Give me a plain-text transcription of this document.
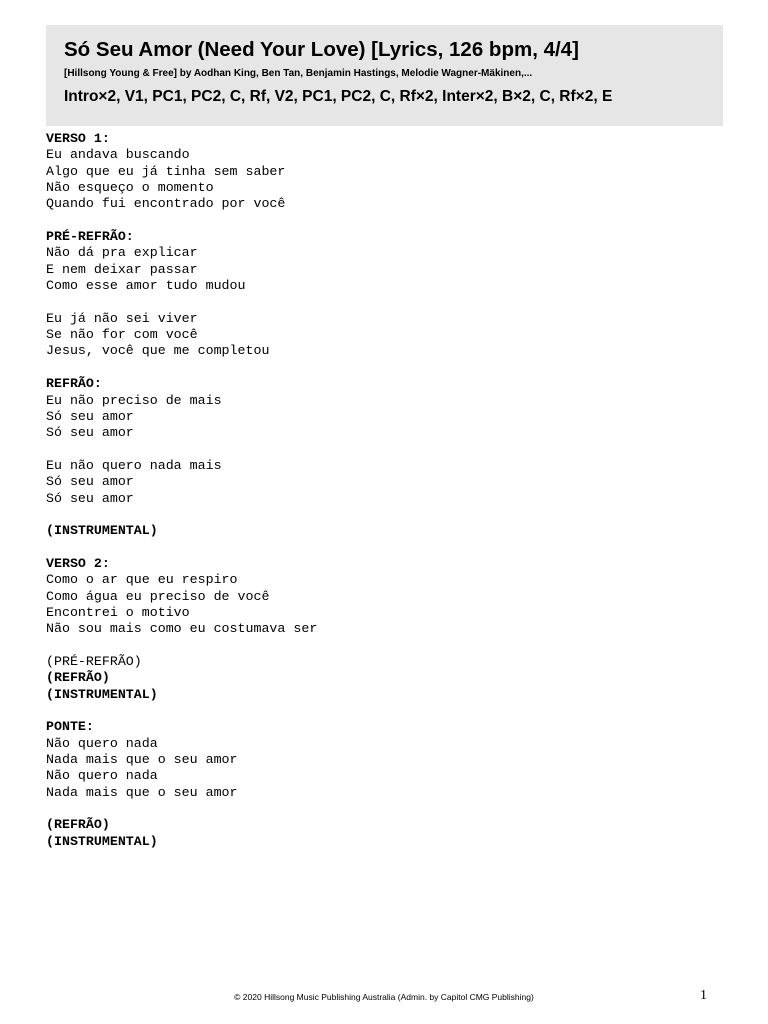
Só Seu Amor (Need Your Love) [Lyrics, 126 bpm, 4/4]
[Hillsong Young & Free] by Aodhan King, Ben Tan, Benjamin Hastings, Melodie Wagner-Mäkinen,...
Intro×2, V1, PC1, PC2, C, Rf, V2, PC1, PC2, C, Rf×2, Inter×2, B×2, C, Rf×2, E
VERSO 1:
Eu andava buscando
Algo que eu já tinha sem saber
Não esqueço o momento
Quando fui encontrado por você
PRÉ-REFRÃO:
Não dá pra explicar
E nem deixar passar
Como esse amor tudo mudou
Eu já não sei viver
Se não for com você
Jesus, você que me completou
REFRÃO:
Eu não preciso de mais
Só seu amor
Só seu amor
Eu não quero nada mais
Só seu amor
Só seu amor
(INSTRUMENTAL)
VERSO 2:
Como o ar que eu respiro
Como água eu preciso de você
Encontrei o motivo
Não sou mais como eu costumava ser
(PRÉ-REFRÃO)
(REFRÃO)
(INSTRUMENTAL)
PONTE:
Não quero nada
Nada mais que o seu amor
Não quero nada
Nada mais que o seu amor
(REFRÃO)
(INSTRUMENTAL)
© 2020 Hillsong Music Publishing Australia (Admin. by Capitol CMG Publishing)	1
